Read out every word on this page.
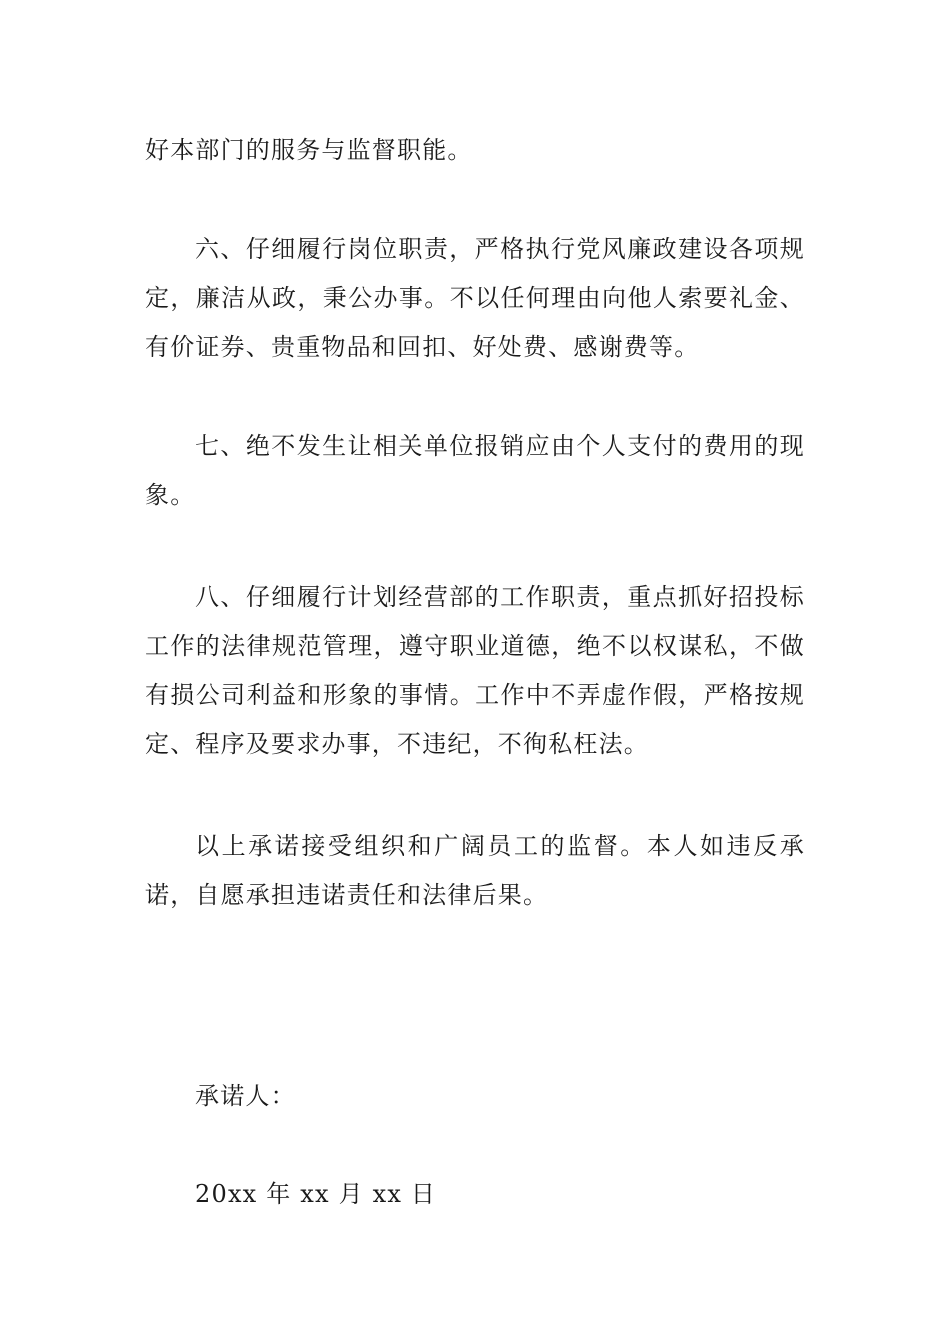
好本部门的服务与监督职能。

六、仔细履行岗位职责，严格执行党风廉政建设各项规定，廉洁从政，秉公办事。不以任何理由向他人索要礼金、有价证券、贵重物品和回扣、好处费、感谢费等。

七、绝不发生让相关单位报销应由个人支付的费用的现象。

八、仔细履行计划经营部的工作职责，重点抓好招投标工作的法律规范管理，遵守职业道德，绝不以权谋私，不做有损公司利益和形象的事情。工作中不弄虚作假，严格按规定、程序及要求办事，不违纪，不徇私枉法。

以上承诺接受组织和广阔员工的监督。本人如违反承诺，自愿承担违诺责任和法律后果。

承诺人：

20xx 年 xx 月 xx 日
